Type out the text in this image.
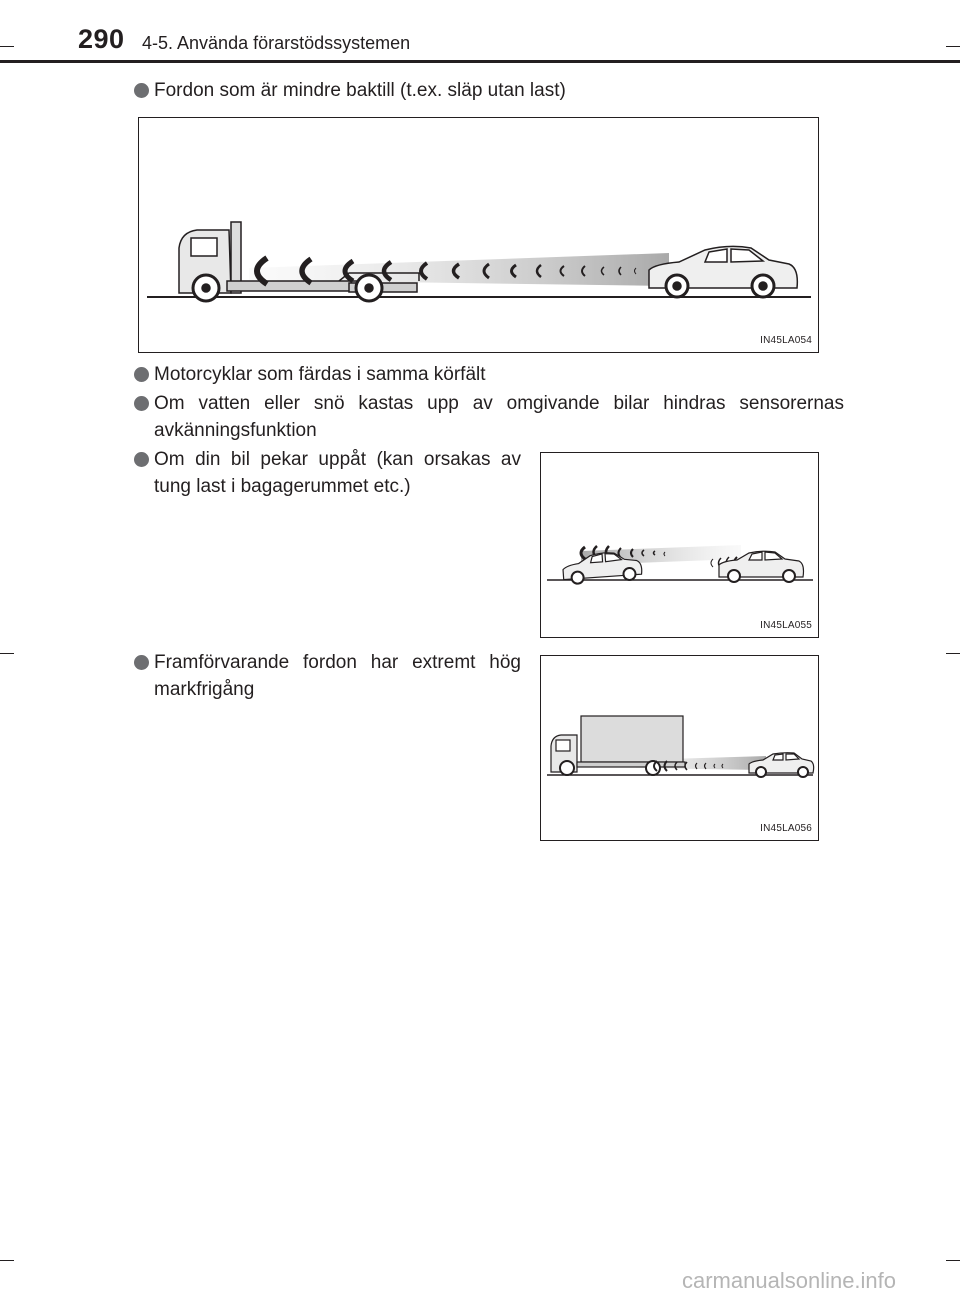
290 4-5. Använda förarstödssystemen
Fordon som är mindre baktill (t.ex. släp utan last)
IN45LA054
Motorcyklar som färdas i samma körfält
Om vatten eller snö kastas upp av omgivande bilar hindras sensorernas avkänningsfunktion
Om din bil pekar uppåt (kan orsakas av tung last i bagagerummet etc.)
IN45LA055
Framförvarande fordon har extremt hög markfrigång
IN45LA056
carmanualsonline.info
